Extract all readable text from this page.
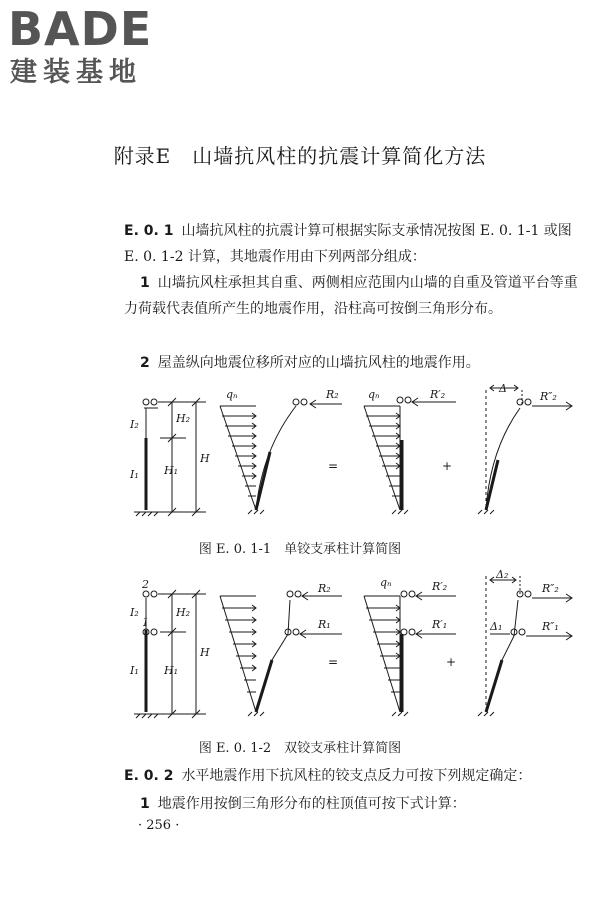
BADE
建装基地
附录E　山墙抗风柱的抗震计算简化方法
E. 0. 1 山墙抗风柱的抗震计算可根据实际支承情况按图 E. 0. 1-1 或图 E. 0. 1-2 计算，其地震作用由下列两部分组成：
1 山墙抗风柱承担其自重、两侧相应范围内山墙的自重及管道平台等重力荷载代表值所产生的地震作用，沿柱高可按倒三角形分布。
2 屋盖纵向地震位移所对应的山墙抗风柱的地震作用。
I₂
I₁
H₂
H₁
H
qₙ	R₂
=
qₙ	R′₂
+
Δ
R″₂
图 E. 0. 1-1　单铰支承柱计算简图
2
1
I₂
I₁
H₂
H₁
H
R₂
R₁
=
qₙ	R′₂
R′₁
+
Δ₂
Δ₁
R″₂
R″₁
图 E. 0. 1-2　双铰支承柱计算简图
E. 0. 2 水平地震作用下抗风柱的铰支点反力可按下列规定确定：
1 地震作用按倒三角形分布的柱顶值可按下式计算：
· 256 ·
